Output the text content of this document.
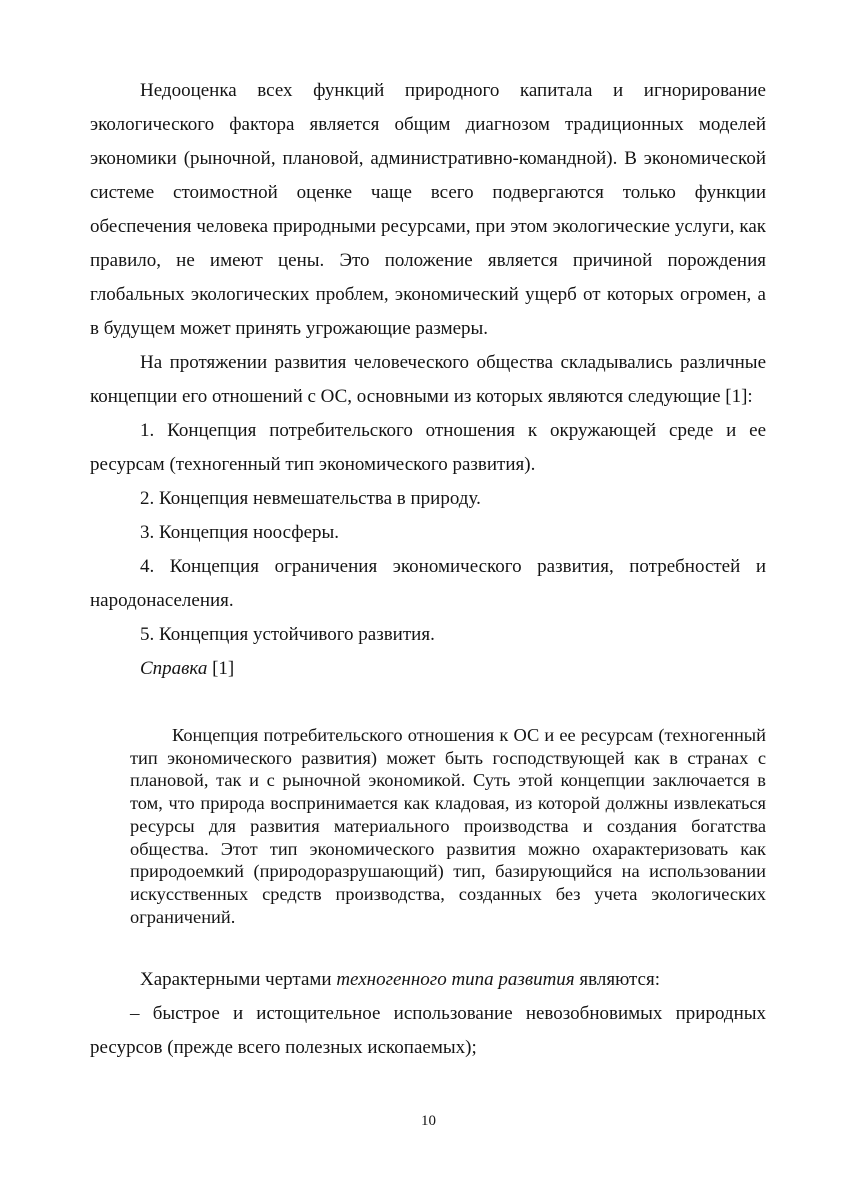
Недооценка всех функций природного капитала и игнорирование экологического фактора является общим диагнозом традиционных моделей экономики (рыночной, плановой, административно-командной). В экономической системе стоимостной оценке чаще всего подвергаются только функции обеспечения человека природными ресурсами, при этом экологические услуги, как правило, не имеют цены. Это положение является причиной порождения глобальных экологических проблем, экономический ущерб от которых огромен, а в будущем может принять угрожающие размеры.

На протяжении развития человеческого общества складывались различные концепции его отношений с ОС, основными из которых являются следующие [1]:

1. Концепция потребительского отношения к окружающей среде и ее ресурсам (техногенный тип экономического развития).

2. Концепция невмешательства в природу.

3. Концепция ноосферы.

4. Концепция ограничения экономического развития, потребностей и народонаселения.

5. Концепция устойчивого развития.

Справка [1]

Концепция потребительского отношения к ОС и ее ресурсам (техногенный тип экономического развития) может быть господствующей как в странах с плановой, так и с рыночной экономикой. Суть этой концепции заключается в том, что природа воспринимается как кладовая, из которой должны извлекаться ресурсы для развития материального производства и создания богатства общества. Этот тип экономического развития можно охарактеризовать как природоемкий (природоразрушающий) тип, базирующийся на использовании искусственных средств производства, созданных без учета экологических ограничений.

Характерными чертами техногенного типа развития являются:

– быстрое и истощительное использование невозобновимых природных ресурсов (прежде всего полезных ископаемых);

10
